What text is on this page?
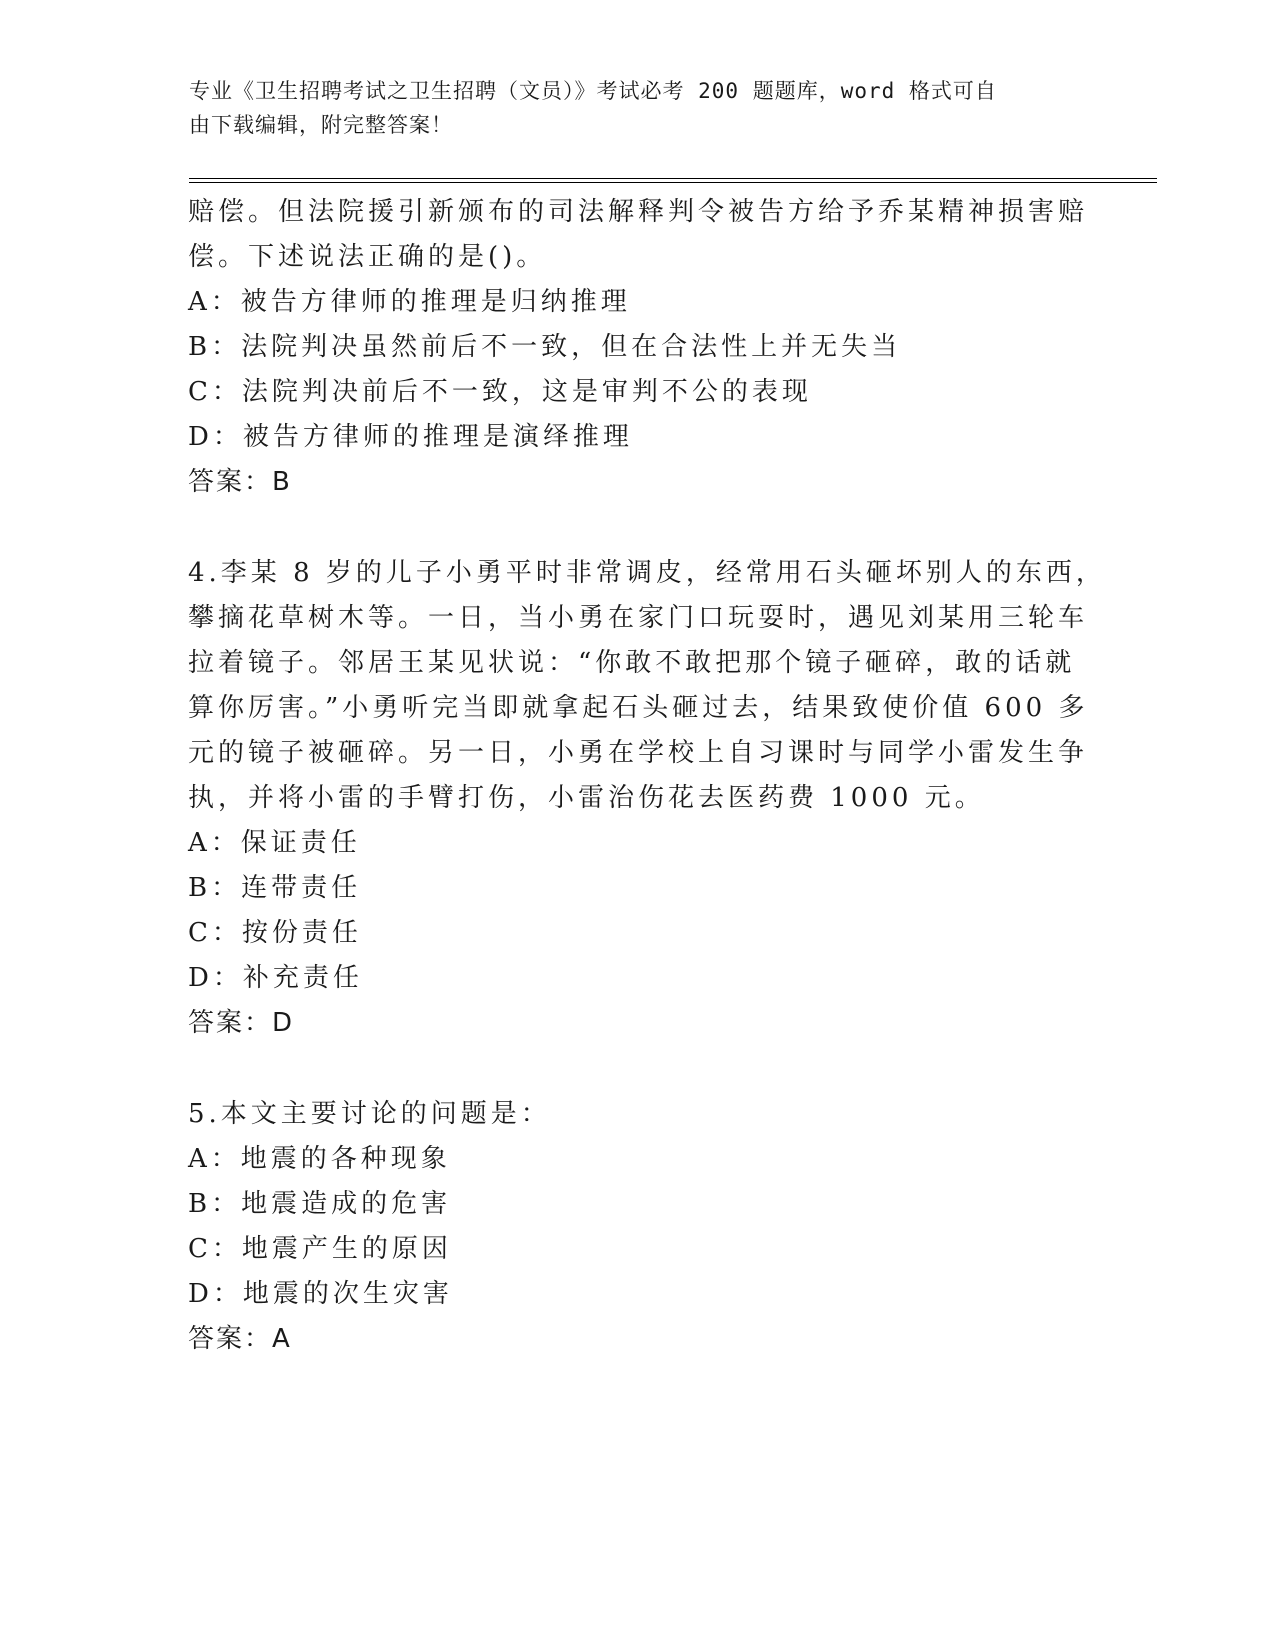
专业《卫生招聘考试之卫生招聘（文员）》考试必考 200 题题库，word 格式可自
由下载编辑，附完整答案！
赔偿。但法院援引新颁布的司法解释判令被告方给予乔某精神损害赔
偿。下述说法正确的是()。
A：被告方律师的推理是归纳推理
B：法院判决虽然前后不一致，但在合法性上并无失当
C：法院判决前后不一致，这是审判不公的表现
D：被告方律师的推理是演绎推理
答案：B
4.李某 8 岁的儿子小勇平时非常调皮，经常用石头砸坏别人的东西，
攀摘花草树木等。一日，当小勇在家门口玩耍时，遇见刘某用三轮车
拉着镜子。邻居王某见状说：“你敢不敢把那个镜子砸碎，敢的话就
算你厉害。”小勇听完当即就拿起石头砸过去，结果致使价值 600 多
元的镜子被砸碎。另一日，小勇在学校上自习课时与同学小雷发生争
执，并将小雷的手臂打伤，小雷治伤花去医药费 1000 元。
A：保证责任
B：连带责任
C：按份责任
D：补充责任
答案：D
5.本文主要讨论的问题是：
A：地震的各种现象
B：地震造成的危害
C：地震产生的原因
D：地震的次生灾害
答案：A
